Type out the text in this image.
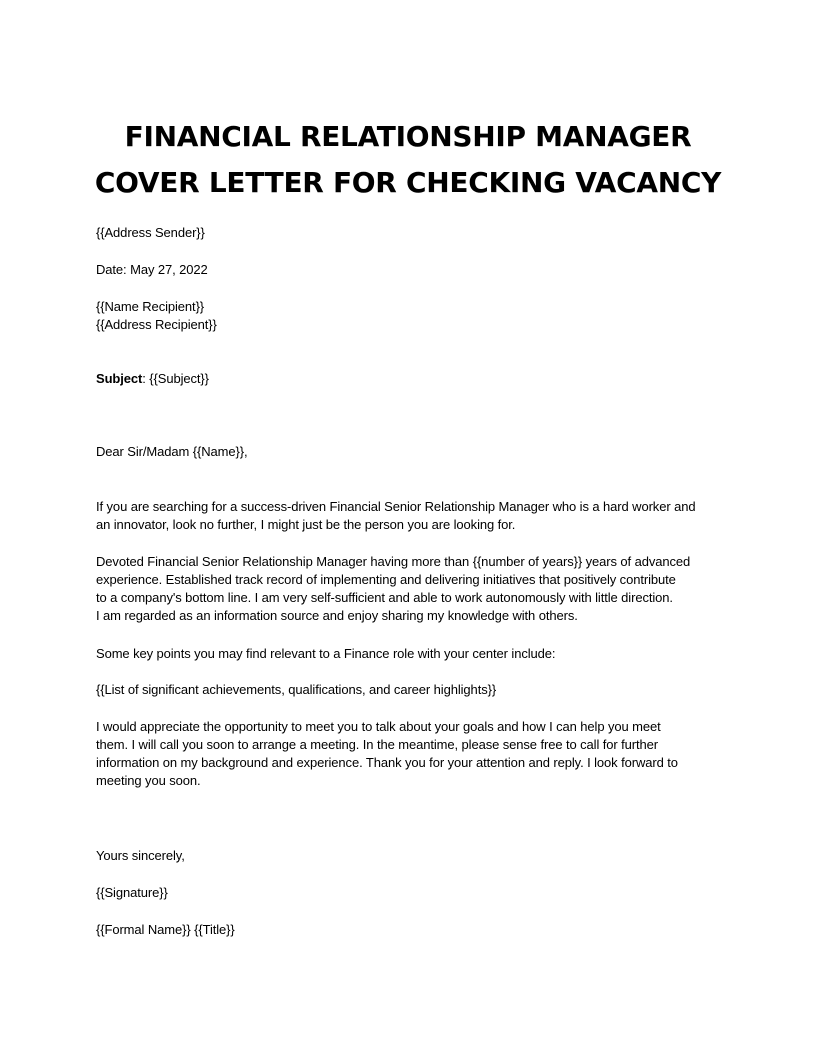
FINANCIAL RELATIONSHIP MANAGER
COVER LETTER FOR CHECKING VACANCY

{{Address Sender}}

Date: May 27, 2022

{{Name Recipient}}
{{Address Recipient}}

Subject: {{Subject}}

Dear Sir/Madam {{Name}},

If you are searching for a success-driven Financial Senior Relationship Manager who is a hard worker and
an innovator, look no further, I might just be the person you are looking for.
Devoted Financial Senior Relationship Manager having more than {{number of years}} years of advanced
experience. Established track record of implementing and delivering initiatives that positively contribute
to a company's bottom line. I am very self-sufficient and able to work autonomously with little direction.
I am regarded as an information source and enjoy sharing my knowledge with others.

Some key points you may find relevant to a Finance role with your center include:

{{List of significant achievements, qualifications, and career highlights}}

I would appreciate the opportunity to meet you to talk about your goals and how I can help you meet
them. I will call you soon to arrange a meeting. In the meantime, please sense free to call for further
information on my background and experience. Thank you for your attention and reply. I look forward to
meeting you soon.

Yours sincerely,

{{Signature}}

{{Formal Name}} {{Title}}
